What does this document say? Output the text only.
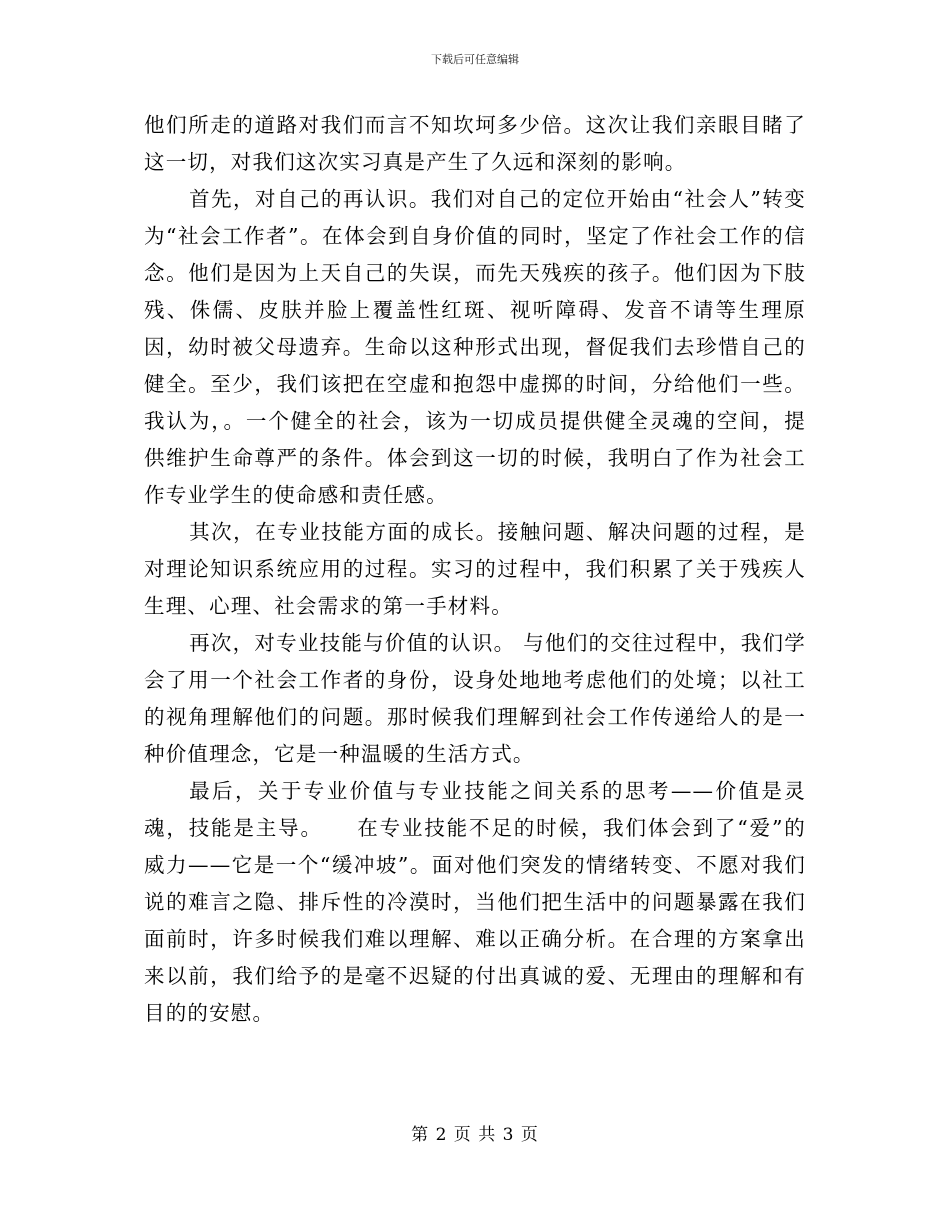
下载后可任意编辑

他们所走的道路对我们而言不知坎坷多少倍。这次让我们亲眼目睹了这一切，对我们这次实习真是产生了久远和深刻的影响。

首先，对自己的再认识。我们对自己的定位开始由“社会人”转变为“社会工作者”。在体会到自身价值的同时，坚定了作社会工作的信念。他们是因为上天自己的失误，而先天残疾的孩子。他们因为下肢残、侏儒、皮肤并脸上覆盖性红斑、视听障碍、发音不请等生理原因，幼时被父母遗弃。生命以这种形式出现，督促我们去珍惜自己的健全。至少，我们该把在空虚和抱怨中虚掷的时间，分给他们一些。我认为，。一个健全的社会，该为一切成员提供健全灵魂的空间，提供维护生命尊严的条件。体会到这一切的时候，我明白了作为社会工作专业学生的使命感和责任感。

其次，在专业技能方面的成长。接触问题、解决问题的过程，是对理论知识系统应用的过程。实习的过程中，我们积累了关于残疾人生理、心理、社会需求的第一手材料。

再次，对专业技能与价值的认识。 与他们的交往过程中，我们学会了用一个社会工作者的身份，设身处地地考虑他们的处境；以社工的视角理解他们的问题。那时候我们理解到社会工作传递给人的是一种价值理念，它是一种温暖的生活方式。

最后，关于专业价值与专业技能之间关系的思考——价值是灵魂，技能是主导。　　在专业技能不足的时候，我们体会到了“爱”的威力——它是一个“缓冲坡”。面对他们突发的情绪转变、不愿对我们说的难言之隐、排斥性的冷漠时，当他们把生活中的问题暴露在我们面前时，许多时候我们难以理解、难以正确分析。在合理的方案拿出来以前，我们给予的是毫不迟疑的付出真诚的爱、无理由的理解和有目的的安慰。

第 2 页 共 3 页
